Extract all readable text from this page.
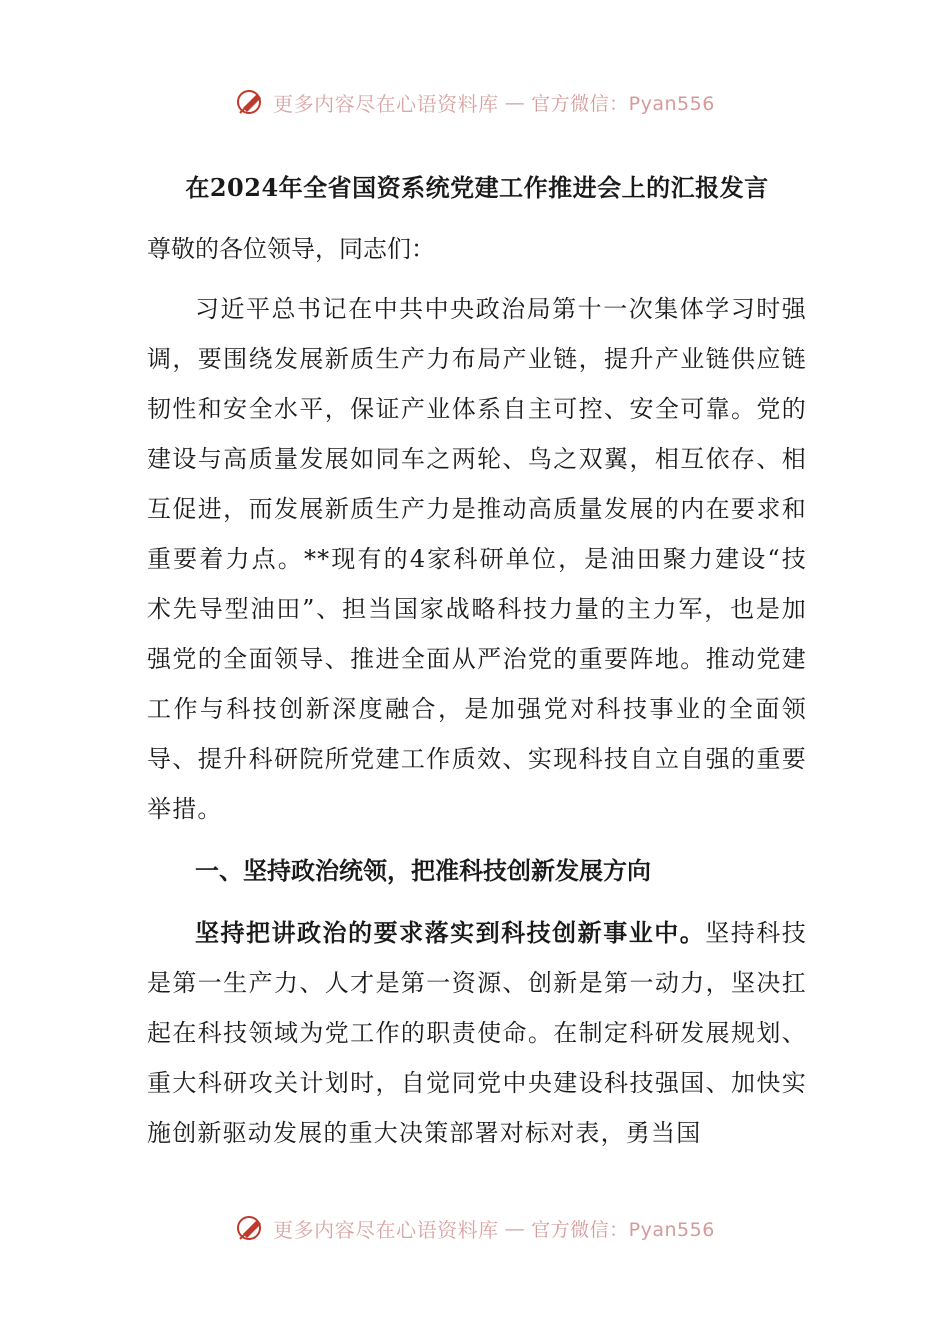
更多内容尽在心语资料库 — 官方微信：Pyan556
在2024年全省国资系统党建工作推进会上的汇报发言

尊敬的各位领导，同志们：

习近平总书记在中共中央政治局第十一次集体学习时强调，要围绕发展新质生产力布局产业链，提升产业链供应链韧性和安全水平，保证产业体系自主可控、安全可靠。党的建设与高质量发展如同车之两轮、鸟之双翼，相互依存、相互促进，而发展新质生产力是推动高质量发展的内在要求和重要着力点。**现有的4家科研单位，是油田聚力建设“技术先导型油田”、担当国家战略科技力量的主力军，也是加强党的全面领导、推进全面从严治党的重要阵地。推动党建工作与科技创新深度融合，是加强党对科技事业的全面领导、提升科研院所党建工作质效、实现科技自立自强的重要举措。

一、坚持政治统领，把准科技创新发展方向

坚持把讲政治的要求落实到科技创新事业中。坚持科技是第一生产力、人才是第一资源、创新是第一动力，坚决扛起在科技领域为党工作的职责使命。在制定科研发展规划、重大科研攻关计划时，自觉同党中央建设科技强国、加快实施创新驱动发展的重大决策部署对标对表，勇当国

更多内容尽在心语资料库 — 官方微信：Pyan556
